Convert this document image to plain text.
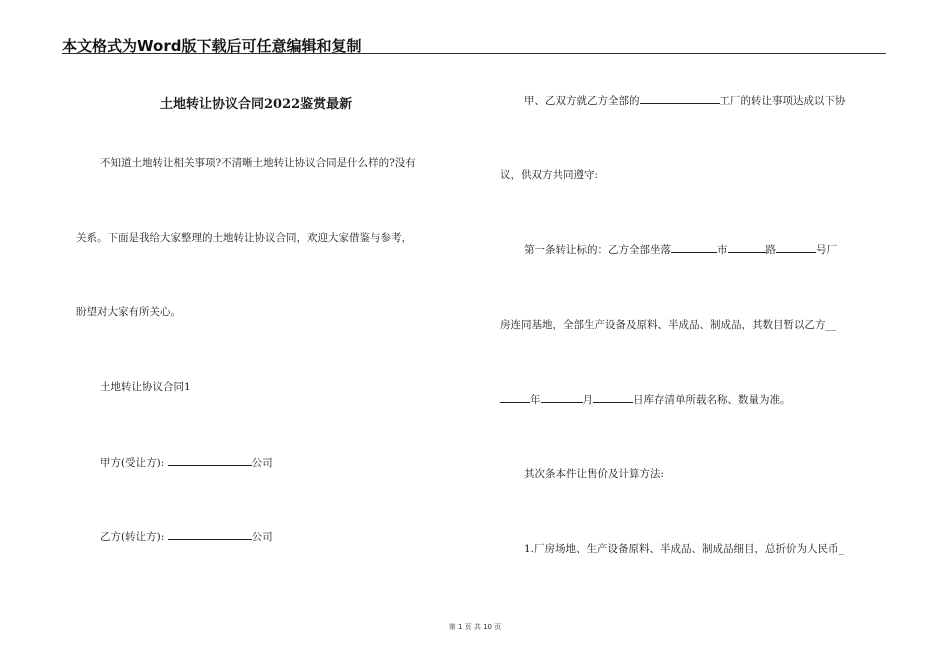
本文格式为Word版下载后可任意编辑和复制
土地转让协议合同2022鉴赏最新
不知道土地转让相关事项?不清晰土地转让协议合同是什么样的?没有
关系。下面是我给大家整理的土地转让协议合同，欢迎大家借鉴与参考，
盼望对大家有所关心。
土地转让协议合同1
甲方(受让方):	公司
乙方(转让方):	公司
甲、乙双方就乙方全部的	工厂的转让事项达成以下协
议，供双方共同遵守:
第一条转让标的：乙方全部坐落	市	路	号厂
房连同基地，全部生产设备及原料、半成品、制成品，其数目暂以乙方__
年	月	日库存清单所载名称、数量为准。
其次条本件让售价及计算方法:
1.厂房场地、生产设备原料、半成品、制成品细目，总折价为人民币_
第 1 页 共 10 页
